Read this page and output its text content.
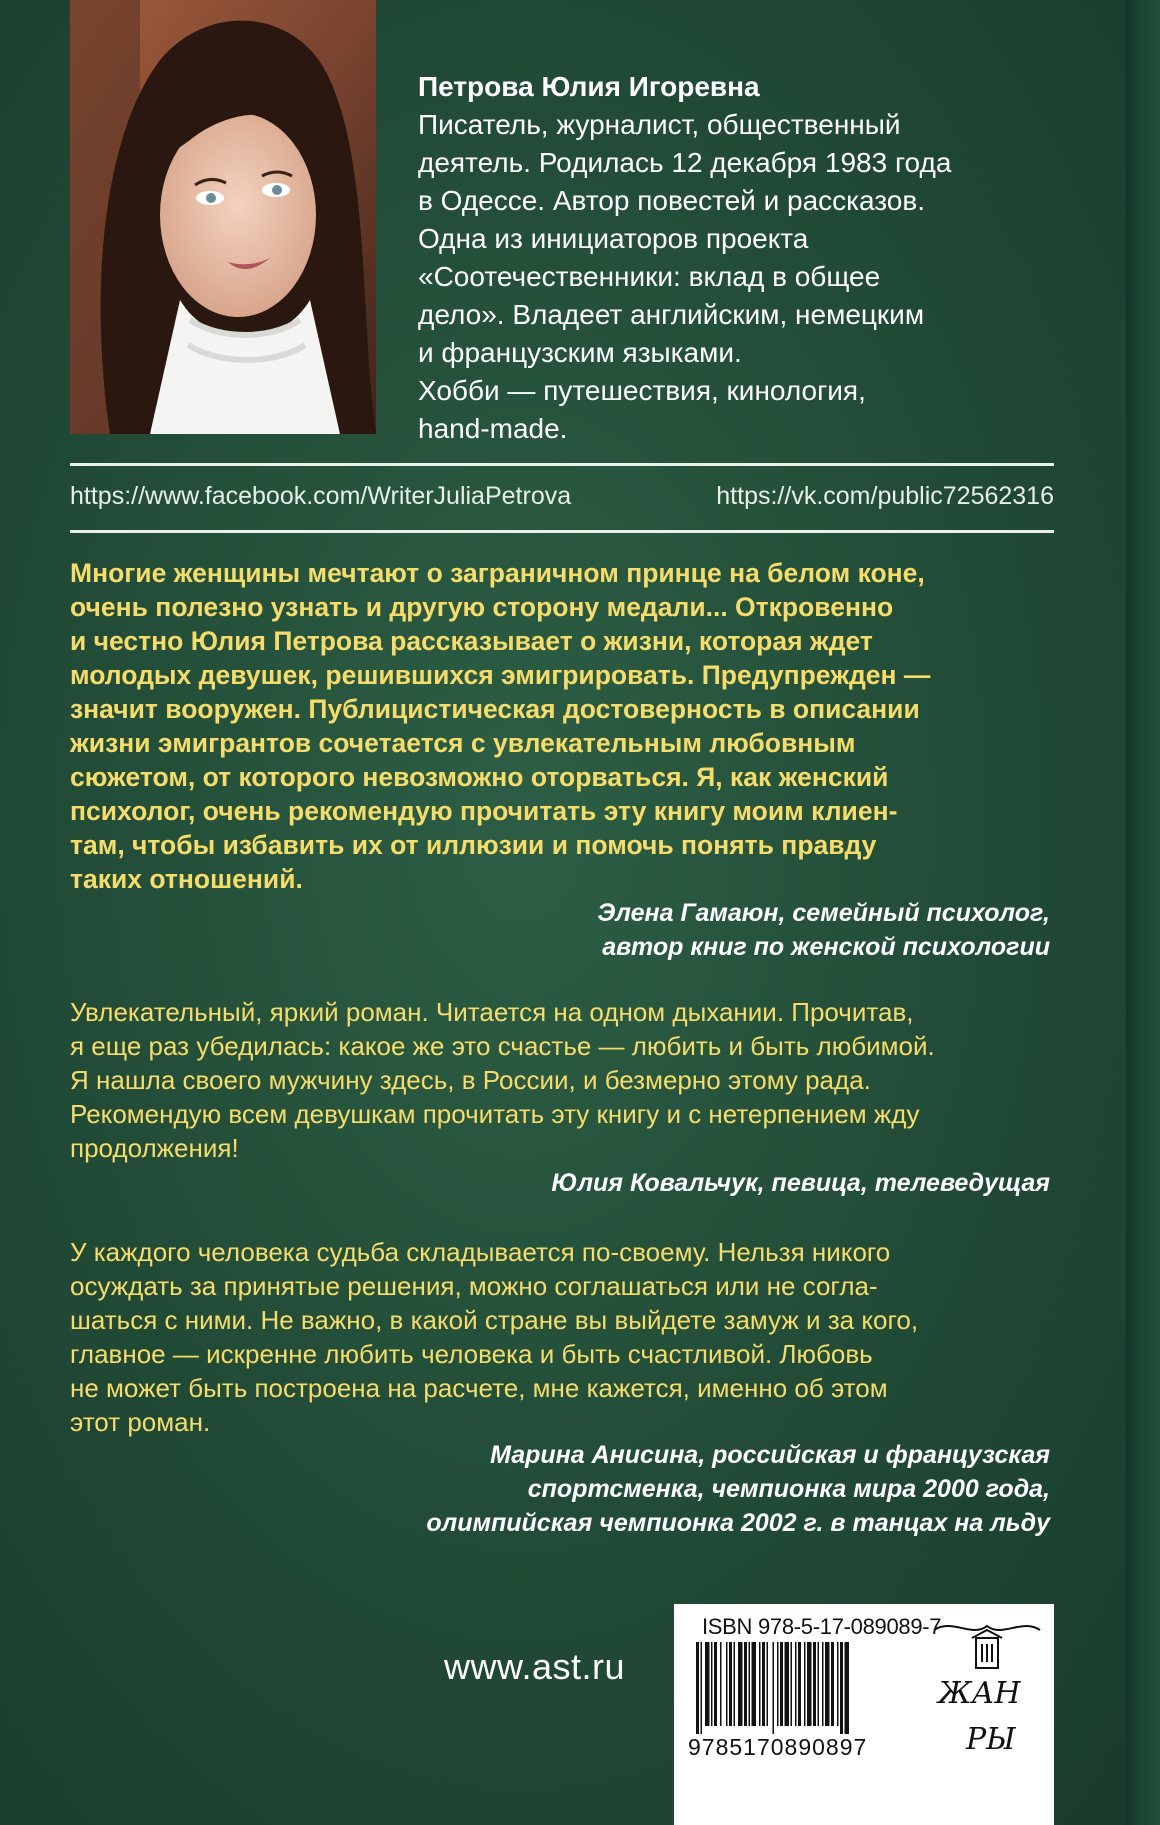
Петрова Юлия Игоревна
Писатель, журналист, общественный
деятель. Родилась 12 декабря 1983 года
в Одессе. Автор повестей и рассказов.
Одна из инициаторов проекта
«Соотечественники: вклад в общее
дело». Владеет английским, немецким
и французским языками.
Хобби — путешествия, кинология,
hand-made.
https://www.facebook.com/WriterJuliaPetrova	https://vk.com/public72562316
Многие женщины мечтают о заграничном принце на белом коне,
очень полезно узнать и другую сторону медали... Откровенно
и честно Юлия Петрова рассказывает о жизни, которая ждет
молодых девушек, решившихся эмигрировать. Предупрежден —
значит вооружен. Публицистическая достоверность в описании
жизни эмигрантов сочетается с увлекательным любовным
сюжетом, от которого невозможно оторваться. Я, как женский
психолог, очень рекомендую прочитать эту книгу моим клиен-
там, чтобы избавить их от иллюзии и помочь понять правду
таких отношений.
Элена Гамаюн, семейный психолог,
автор книг по женской психологии
Увлекательный, яркий роман. Читается на одном дыхании. Прочитав,
я еще раз убедилась: какое же это счастье — любить и быть любимой.
Я нашла своего мужчину здесь, в России, и безмерно этому рада.
Рекомендую всем девушкам прочитать эту книгу и с нетерпением жду
продолжения!
Юлия Ковальчук, певица, телеведущая
У каждого человека судьба складывается по-своему. Нельзя никого
осуждать за принятые решения, можно соглашаться или не согла-
шаться с ними. Не важно, в какой стране вы выйдете замуж и за кого,
главное — искренне любить человека и быть счастливой. Любовь
не может быть построена на расчете, мне кажется, именно об этом
этот роман.
Марина Анисина, российская и французская
спортсменка, чемпионка мира 2000 года,
олимпийская чемпионка 2002 г. в танцах на льду
www.ast.ru
ISBN 978-5-17-089089-7
9785170890897
ЖАН
РЫ
